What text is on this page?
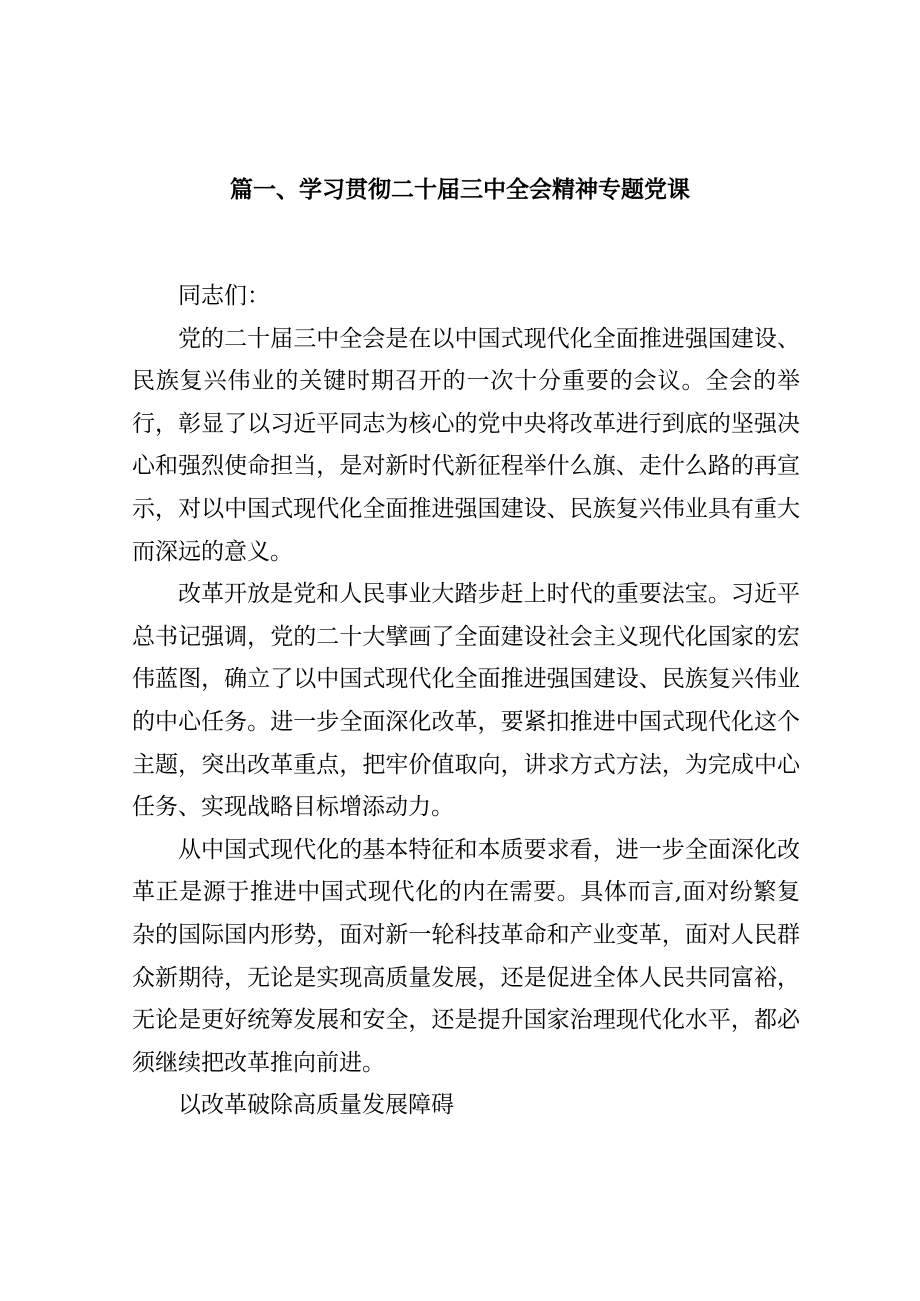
篇一、学习贯彻二十届三中全会精神专题党课

同志们：

党的二十届三中全会是在以中国式现代化全面推进强国建设、民族复兴伟业的关键时期召开的一次十分重要的会议。全会的举行，彰显了以习近平同志为核心的党中央将改革进行到底的坚强决心和强烈使命担当，是对新时代新征程举什么旗、走什么路的再宣示，对以中国式现代化全面推进强国建设、民族复兴伟业具有重大而深远的意义。

改革开放是党和人民事业大踏步赶上时代的重要法宝。习近平总书记强调，党的二十大擘画了全面建设社会主义现代化国家的宏伟蓝图，确立了以中国式现代化全面推进强国建设、民族复兴伟业的中心任务。进一步全面深化改革，要紧扣推进中国式现代化这个主题，突出改革重点，把牢价值取向，讲求方式方法，为完成中心任务、实现战略目标增添动力。

从中国式现代化的基本特征和本质要求看，进一步全面深化改革正是源于推进中国式现代化的内在需要。具体而言,面对纷繁复杂的国际国内形势，面对新一轮科技革命和产业变革，面对人民群众新期待，无论是实现高质量发展，还是促进全体人民共同富裕，无论是更好统筹发展和安全，还是提升国家治理现代化水平，都必须继续把改革推向前进。

以改革破除高质量发展障碍
